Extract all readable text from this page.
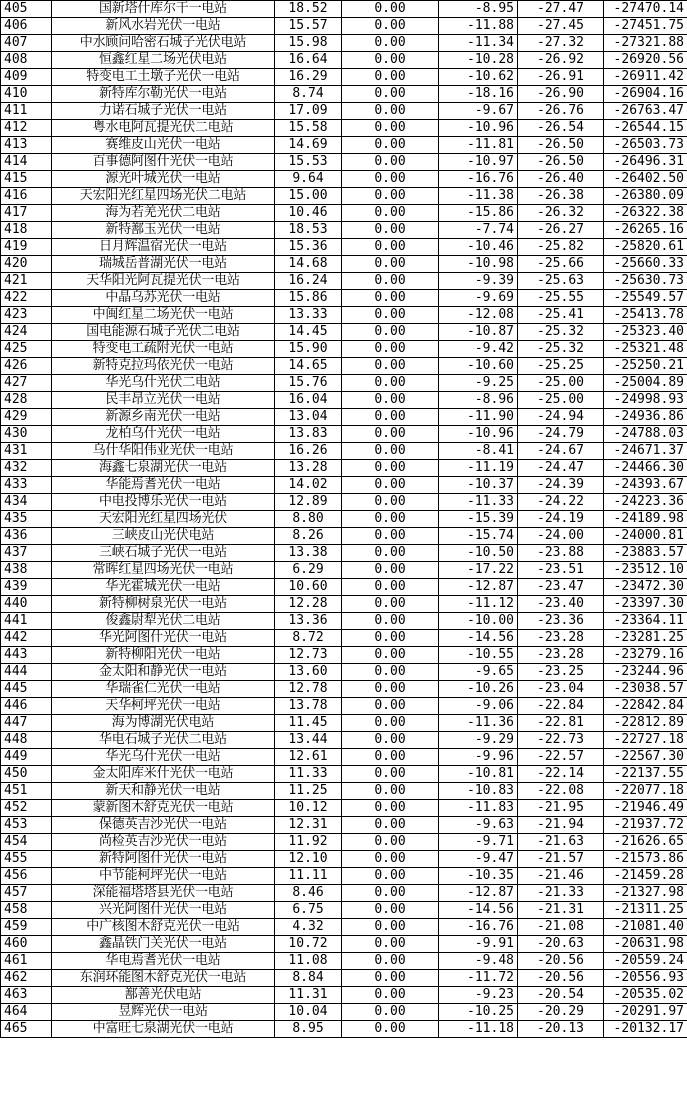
405	国新塔什库尔干一电站	18.52	0.00	-8.95	-27.47	-27470.14
406	新风水岩光伏一电站	15.57	0.00	-11.88	-27.45	-27451.75
407	中水顾问哈密石城子光伏电站	15.98	0.00	-11.34	-27.32	-27321.88
408	恒鑫红星二场光伏电站	16.64	0.00	-10.28	-26.92	-26920.56
409	特变电工土墩子光伏一电站	16.29	0.00	-10.62	-26.91	-26911.42
410	新特库尔勒光伏一电站	8.74	0.00	-18.16	-26.90	-26904.16
411	力诺石城子光伏一电站	17.09	0.00	-9.67	-26.76	-26763.47
412	粤水电阿瓦提光伏二电站	15.58	0.00	-10.96	-26.54	-26544.15
413	赛维皮山光伏一电站	14.69	0.00	-11.81	-26.50	-26503.73
414	百事德阿图什光伏一电站	15.53	0.00	-10.97	-26.50	-26496.31
415	源光叶城光伏一电站	9.64	0.00	-16.76	-26.40	-26402.50
416	天宏阳光红星四场光伏二电站	15.00	0.00	-11.38	-26.38	-26380.09
417	海为若羌光伏二电站	10.46	0.00	-15.86	-26.32	-26322.38
418	新特鄯玉光伏一电站	18.53	0.00	-7.74	-26.27	-26265.16
419	日月辉温宿光伏一电站	15.36	0.00	-10.46	-25.82	-25820.61
420	瑞城岳普湖光伏一电站	14.68	0.00	-10.98	-25.66	-25660.33
421	天华阳光阿瓦提光伏一电站	16.24	0.00	-9.39	-25.63	-25630.73
422	中晶乌苏光伏一电站	15.86	0.00	-9.69	-25.55	-25549.57
423	中闽红星二场光伏一电站	13.33	0.00	-12.08	-25.41	-25413.78
424	国电能源石城子光伏二电站	14.45	0.00	-10.87	-25.32	-25323.40
425	特变电工疏附光伏一电站	15.90	0.00	-9.42	-25.32	-25321.48
426	新特克拉玛依光伏一电站	14.65	0.00	-10.60	-25.25	-25250.21
427	华光乌什光伏二电站	15.76	0.00	-9.25	-25.00	-25004.89
428	民丰昂立光伏一电站	16.04	0.00	-8.96	-25.00	-24998.93
429	新源乡南光伏一电站	13.04	0.00	-11.90	-24.94	-24936.86
430	龙柏乌什光伏一电站	13.83	0.00	-10.96	-24.79	-24788.03
431	乌什华阳伟业光伏一电站	16.26	0.00	-8.41	-24.67	-24671.37
432	海鑫七泉湖光伏一电站	13.28	0.00	-11.19	-24.47	-24466.30
433	华能焉耆光伏一电站	14.02	0.00	-10.37	-24.39	-24393.67
434	中电投博乐光伏一电站	12.89	0.00	-11.33	-24.22	-24223.36
435	天宏阳光红星四场光伏	8.80	0.00	-15.39	-24.19	-24189.98
436	三峡皮山光伏电站	8.26	0.00	-15.74	-24.00	-24000.81
437	三峡石城子光伏一电站	13.38	0.00	-10.50	-23.88	-23883.57
438	常晖红星四场光伏一电站	6.29	0.00	-17.22	-23.51	-23512.10
439	华光霍城光伏一电站	10.60	0.00	-12.87	-23.47	-23472.30
440	新特柳树泉光伏一电站	12.28	0.00	-11.12	-23.40	-23397.30
441	俊鑫尉犁光伏二电站	13.36	0.00	-10.00	-23.36	-23364.11
442	华光阿图什光伏一电站	8.72	0.00	-14.56	-23.28	-23281.25
443	新特柳阳光伏一电站	12.73	0.00	-10.55	-23.28	-23279.16
444	金太阳和静光伏一电站	13.60	0.00	-9.65	-23.25	-23244.96
445	华瑞雀仁光伏一电站	12.78	0.00	-10.26	-23.04	-23038.57
446	天华柯坪光伏一电站	13.78	0.00	-9.06	-22.84	-22842.84
447	海为博湖光伏电站	11.45	0.00	-11.36	-22.81	-22812.89
448	华电石城子光伏二电站	13.44	0.00	-9.29	-22.73	-22727.18
449	华光乌什光伏一电站	12.61	0.00	-9.96	-22.57	-22567.30
450	金太阳库米什光伏一电站	11.33	0.00	-10.81	-22.14	-22137.55
451	新天和静光伏一电站	11.25	0.00	-10.83	-22.08	-22077.18
452	蒙新图木舒克光伏一电站	10.12	0.00	-11.83	-21.95	-21946.49
453	保德英吉沙光伏一电站	12.31	0.00	-9.63	-21.94	-21937.72
454	尚检英吉沙光伏一电站	11.92	0.00	-9.71	-21.63	-21626.65
455	新特阿图什光伏一电站	12.10	0.00	-9.47	-21.57	-21573.86
456	中节能柯坪光伏一电站	11.11	0.00	-10.35	-21.46	-21459.28
457	深能福塔塔县光伏一电站	8.46	0.00	-12.87	-21.33	-21327.98
458	兴光阿图什光伏一电站	6.75	0.00	-14.56	-21.31	-21311.25
459	中广核图木舒克光伏一电站	4.32	0.00	-16.76	-21.08	-21081.40
460	鑫晶铁门关光伏一电站	10.72	0.00	-9.91	-20.63	-20631.98
461	华电焉耆光伏一电站	11.08	0.00	-9.48	-20.56	-20559.24
462	东润环能图木舒克光伏一电站	8.84	0.00	-11.72	-20.56	-20556.93
463	鄯善光伏电站	11.31	0.00	-9.23	-20.54	-20535.02
464	昱辉光伏一电站	10.04	0.00	-10.25	-20.29	-20291.97
465	中富旺七泉湖光伏一电站	8.95	0.00	-11.18	-20.13	-20132.17
